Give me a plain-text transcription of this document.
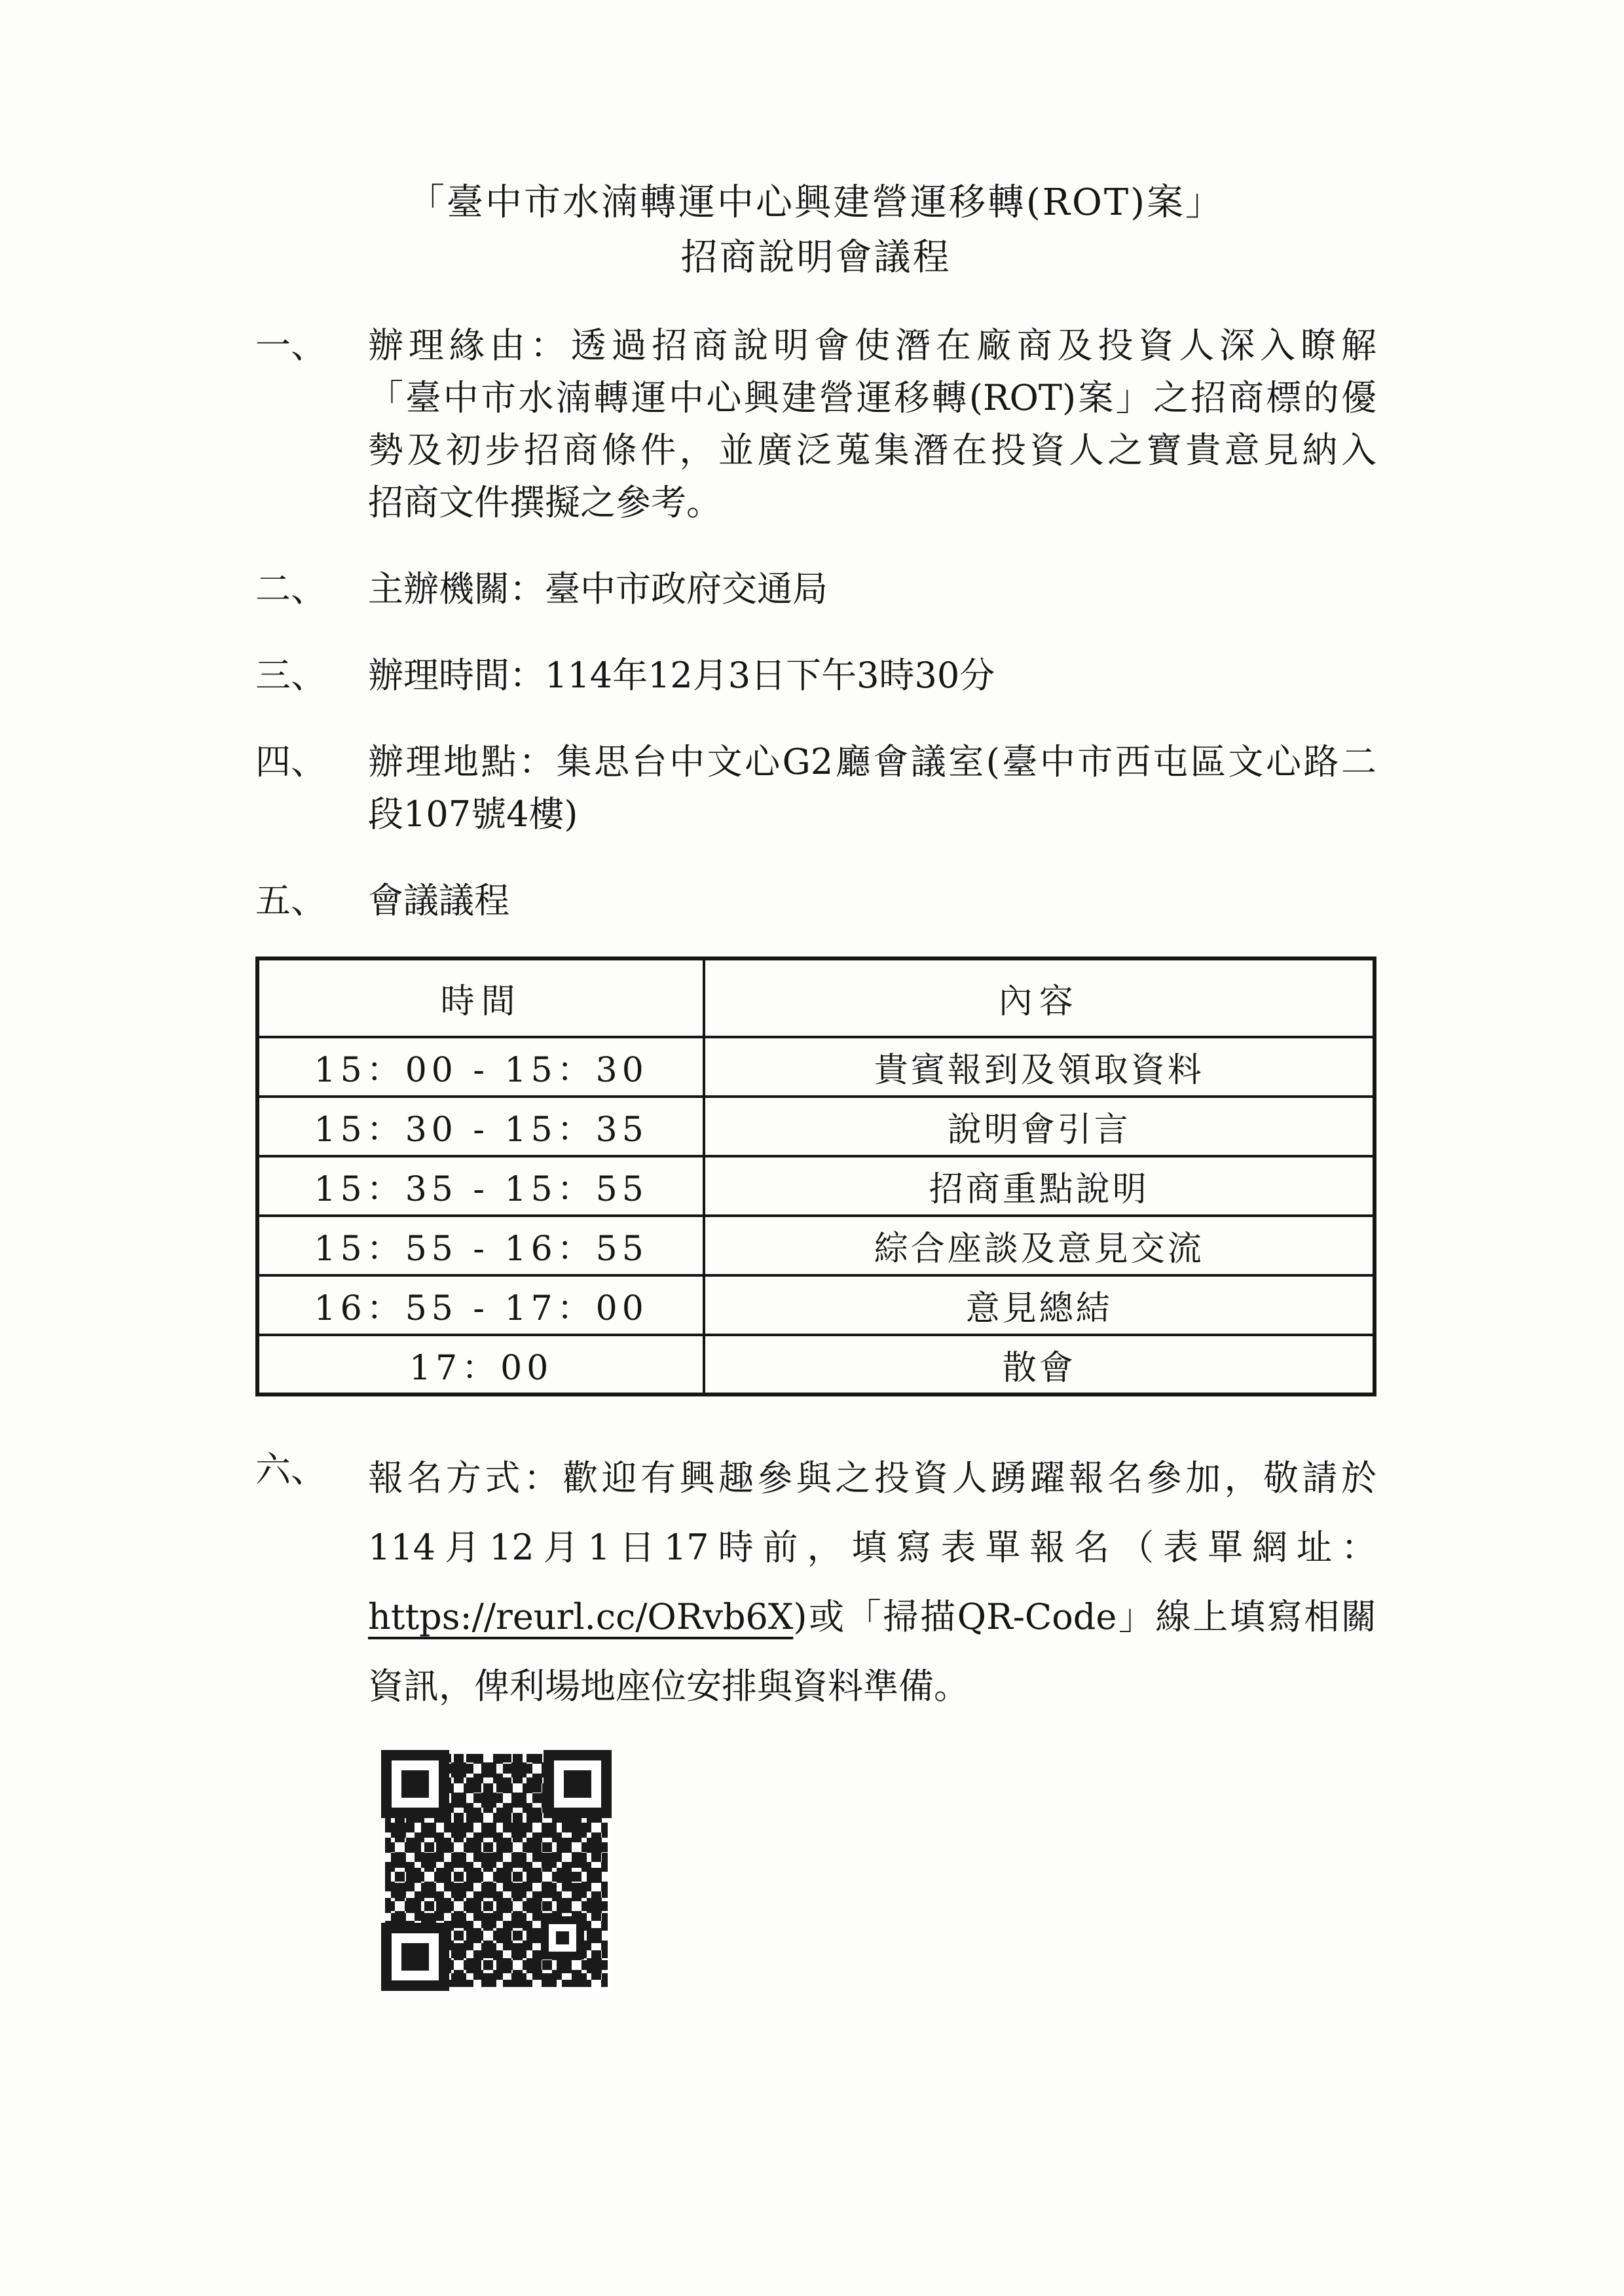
「臺中市水湳轉運中心興建營運移轉(ROT)案」
招商說明會議程
一、	辦理緣由：透過招商說明會使潛在廠商及投資人深入瞭解
「臺中市水湳轉運中心興建營運移轉(ROT)案」之招商標的優
勢及初步招商條件，並廣泛蒐集潛在投資人之寶貴意見納入
招商文件撰擬之參考。
二、	主辦機關：臺中市政府交通局
三、	辦理時間：114年12月3日下午3時30分
四、	辦理地點：集思台中文心G2廳會議室(臺中市西屯區文心路二
段107號4樓)
五、	會議議程
時間	內容
15：00 - 15：30	貴賓報到及領取資料
15：30 - 15：35	說明會引言
15：35 - 15：55	招商重點說明
15：55 - 16：55	綜合座談及意見交流
16：55 - 17：00	意見總結
17：00	散會
六、	報名方式：歡迎有興趣參與之投資人踴躍報名參加，敬請於
114月12月1日17時前，填寫表單報名（表單網址：
https://reurl.cc/ORvb6X)或「掃描QR-Code」線上填寫相關
資訊，俾利場地座位安排與資料準備。
